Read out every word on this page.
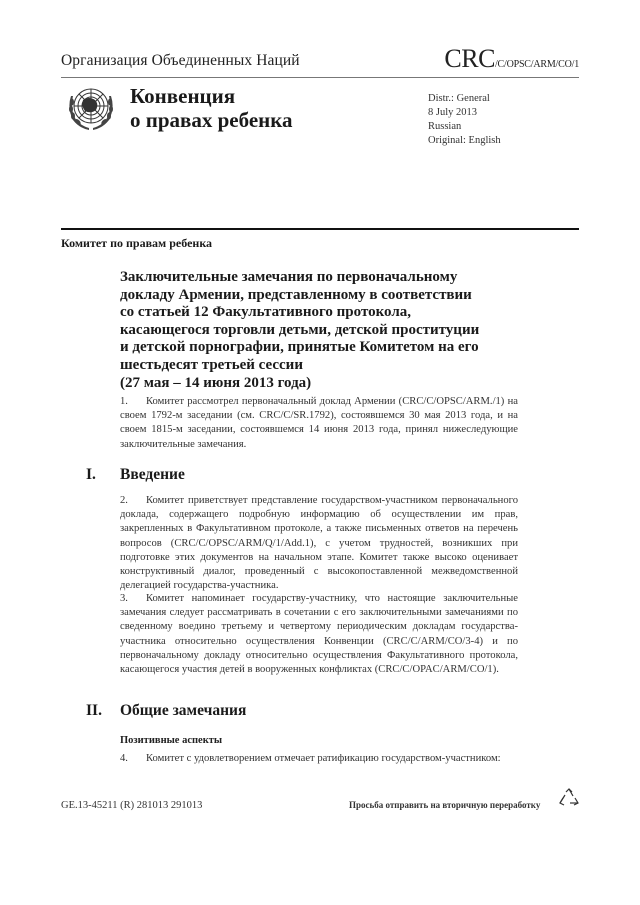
Организация Объединенных Наций	CRC/C/OPSC/ARM/CO/1
Конвенция
о правах ребенка
Distr.: General
8 July 2013
Russian
Original: English
Комитет по правам ребенка
Заключительные замечания по первоначальному
докладу Армении, представленному в соответствии
со статьей 12 Факультативного протокола,
касающегося торговли детьми, детской проституции
и детской порнографии, принятые Комитетом на его
шестьдесят третьей сессии
(27 мая – 14 июня 2013 года)
1. Комитет рассмотрел первоначальный доклад Армении (CRC/C/OPSC/ARM./1) на своем 1792-м заседании (см. CRC/C/SR.1792), состоявшемся 30 мая 2013 года, и на своем 1815-м заседании, состоявшемся 14 июня 2013 года, принял нижеследующие заключительные замечания.
I. Введение
2. Комитет приветствует представление государством-участником первоначального доклада, содержащего подробную информацию об осуществлении им прав, закрепленных в Факультативном протоколе, а также письменных ответов на перечень вопросов (CRC/C/OPSC/ARM/Q/1/Add.1), с учетом трудностей, возникших при подготовке этих документов на начальном этапе. Комитет также высоко оценивает конструктивный диалог, проведенный с высокопоставленной межведомственной делегацией государства-участника.
3. Комитет напоминает государству-участнику, что настоящие заключительные замечания следует рассматривать в сочетании с его заключительными замечаниями по сведенному воедино третьему и четвертому периодическим докладам государства-участника относительно осуществления Конвенции (CRC/C/ARM/CO/3-4) и по первоначальному докладу относительно осуществления Факультативного протокола, касающегося участия детей в вооруженных конфликтах (CRC/C/OPAC/ARM/CO/1).
II. Общие замечания
Позитивные аспекты
4. Комитет с удовлетворением отмечает ратификацию государством-участником:
GE.13-45211 (R) 281013 291013	Просьба отправить на вторичную переработку
